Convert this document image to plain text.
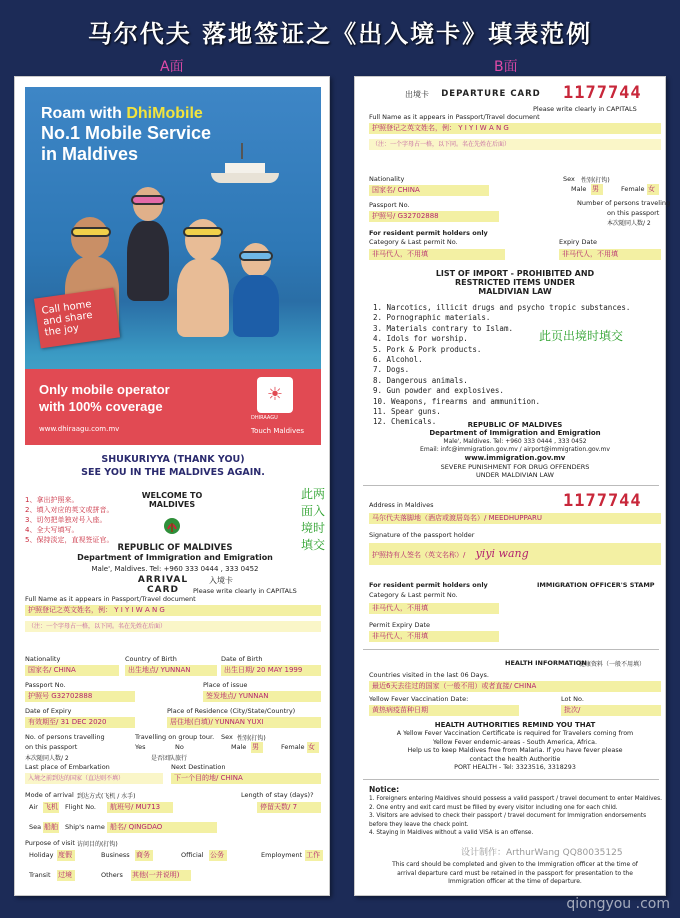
马尔代夫 落地签证之《出入境卡》填表范例
A面	B面
Roam with DhiMobile
No.1 Mobile Service
in Maldives
Call home and share the joy
Only mobile operator
with 100% coverage
www.dhiraagu.com.mv
☀
DHIRAAGU
Touch Maldives
SHUKURIYYA (THANK YOU)
SEE YOU IN THE MALDIVES AGAIN.
1、拿出护照来。
2、填入对应的英文或拼音。
3、切勿把单独对号入座。
4、全大写填写。
5、保持淡定，直视签证官。
WELCOME TO
MALDIVES
此两面入境时填交
REPUBLIC OF MALDIVES
Department of Immigration and Emigration
Male', Maldives. Tel: +960 333 0444 , 333 0452
ARRIVAL CARD
入境卡
Please write clearly in CAPITALS
Full Name as it appears in Passport/Travel document
护照登记之英文姓名，例： Y I Y I W A N G
（注：一个字母占一格，以下同。名在先姓在后面）
Nationality	Country of Birth	Date of Birth
国家名/ CHINA	出生地点/ YUNNAN	出生日期/ 20 MAY 1999
Passport No.	Place of issue
护照号 G32702888	签发地点/ YUNNAN
Date of Expiry	Place of Residence (City/State/Country)
有效期至/ 31 DEC 2020	居住地(白填)/ YUNNAN YUXI
No. of persons travelling
on this passport
本次随同人数/ 2
Travelling on group tour.
Yes	No
是否团队旅行
Sex 性别(打钩)
Male 男	Female 女
Last place of Embarkation	Next Destination
入境之前到达的国家（直达则不填）	下一个目的地/ CHINA
Mode of arrival 到达方式(飞机 / 水手)	Length of stay (days)?
Air 飞机 Flight No.	航班号/ MU713	停留天数/ 7
Sea 船舶 Ship's name 船名/ QINGDAO
Purpose of visit 访问目的(打钩)
Holiday 度假	Business 商务	Official 公务	Employment 工作
Transit 过境	Others 其他(一并说明)
出境卡	DEPARTURE CARD	1177744
Please write clearly in CAPITALS
Full Name as it appears in Passport/Travel document
护照登记之英文姓名，例： Y I Y I W A N G
（注：一个字母占一格，以下同。名在先姓在后面）
Nationality
国家名/ CHINA
Sex 性别(打钩)
Male 男	Female 女
Passport No.
护照号/ G32702888
Number of persons traveling
on this passport
本次随同人数/ 2
For resident permit holders only
Category & Last permit No.	Expiry Date
非马代人，不用填	非马代人，不用填
LIST OF IMPORT - PROHIBITED AND
RESTRICTED ITEMS UNDER
MALDIVIAN LAW
此页出境时填交
1. Narcotics, illicit drugs and psycho tropic substances.
2. Pornographic materials.
3. Materials contrary to Islam.
4. Idols for worship.
5. Pork & Pork products.
6. Alcohol.
7. Dogs.
8. Dangerous animals.
9. Gun powder and explosives.
10. Weapons, firearms and ammunition.
11. Spear guns.
12. Chemicals.	REPUBLIC OF MALDIVES
Department of Immigration and Emigration
Male', Maldives. Tel: +960 333 0444 , 333 0452
Email: infc@immigration.gov.mv / airport@immigration.gov.mv
www.immigration.gov.mv
SEVERE PUNISHMENT FOR DRUG OFFENDERS
UNDER MALDIVIAN LAW
1177744
Address in Maldives
马尔代夫落脚地（酒店或渡居岛名）/ MEEDHUPPARU
Signature of the passport holder
护照持有人签名（英文名称）/ yiyi wang
For resident permit holders only	IMMIGRATION OFFICER'S STAMP
Category & Last permit No.
非马代人，不用填
Permit Expiry Date
非马代人，不用填
HEALTH INFORMATION
健康资料（一般不用填）
Countries visited in the last 06 Days.
最近6天去往过的国家（一般不用）或者直接/ CHINA
Yellow Fever Vaccination Date:	Lot No.
黄热病疫苗种日期	批次/
HEALTH AUTHORITIES REMIND YOU THAT
A Yellow Fever Vaccination Certificate is required for Travelers coming from
Yellow Fever endemic-areas - South America, Africa.
Help us to keep Maldives free from Malaria. If you have fever please
contact the health Authoritie
PORT HEALTH - Tel: 3323516, 3318293
Notice:
1. Foreigners entering Maldives should possess a valid passport / travel document to enter Maldives.
2. One entry and exit card must be filled by every visitor including one for each child.
3. Visitors are advised to check their passport / travel document for Immigration endorsements
before they leave the check point.
4. Staying in Maldives without a valid VISA is an offense.
设计制作：ArthurWang QQ80035125
This card should be completed and given to the Immigration officer at the time of
arrival departure card must be retained in the passport for presentation to the
Immigration officer at the time of departure.
qiongyou .com
